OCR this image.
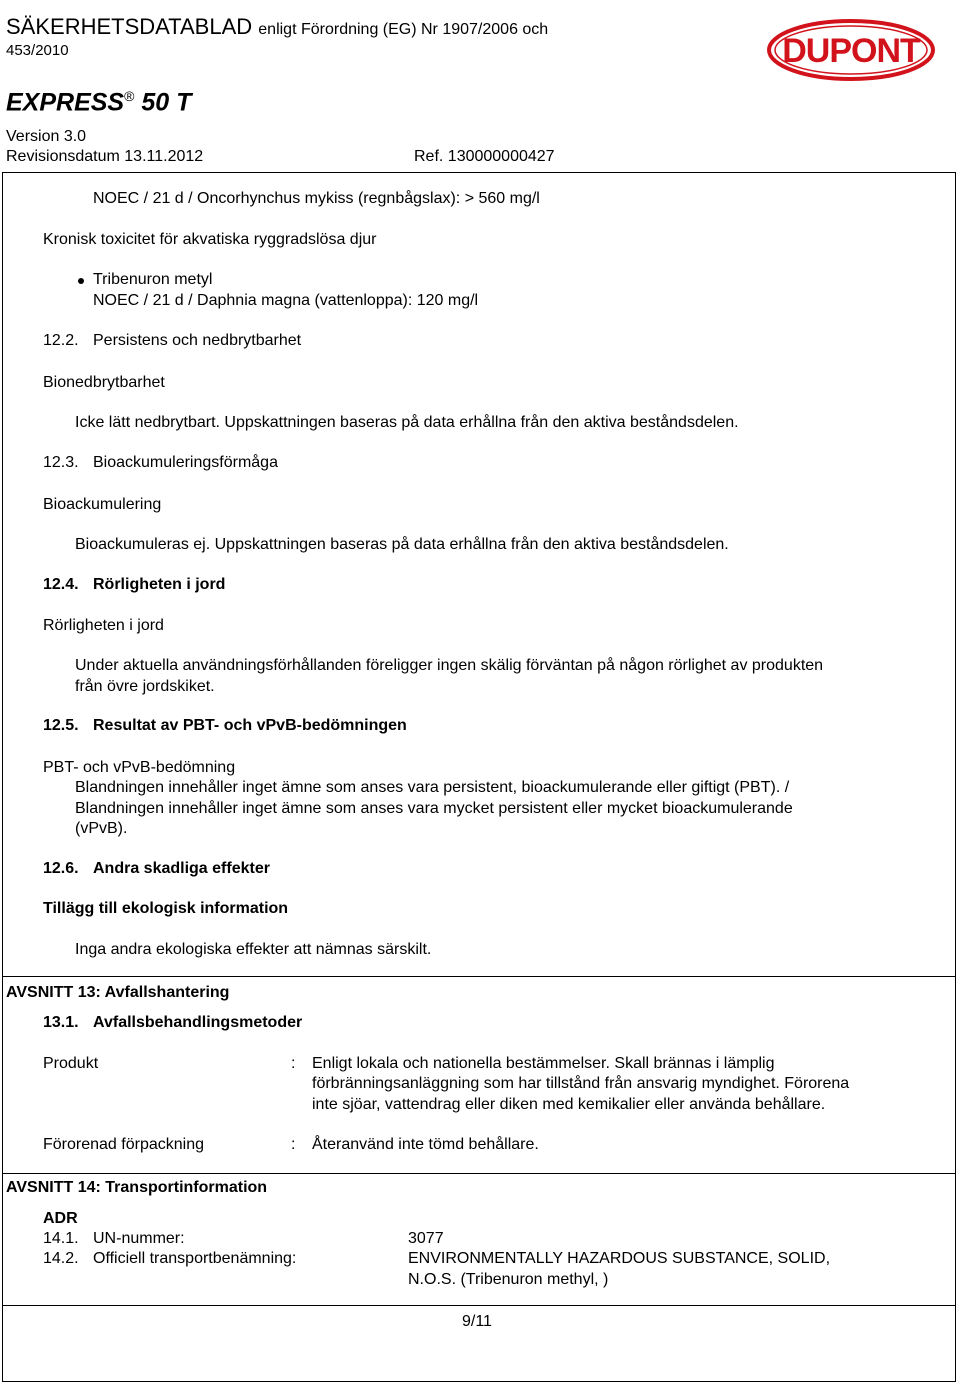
SÄKERHETSDATABLAD enligt Förordning (EG) Nr 1907/2006 och
453/2010
EXPRESS® 50 T
Version 3.0
Revisionsdatum 13.11.2012	Ref. 130000000427
DUPONT
NOEC / 21 d / Oncorhynchus mykiss (regnbågslax): > 560 mg/l
Kronisk toxicitet för akvatiska ryggradslösa djur
Tribenuron metyl
NOEC / 21 d / Daphnia magna (vattenloppa): 120 mg/l
12.2. Persistens och nedbrytbarhet
Bionedbrytbarhet
Icke lätt nedbrytbart. Uppskattningen baseras på data erhållna från den aktiva beståndsdelen.
12.3. Bioackumuleringsförmåga
Bioackumulering
Bioackumuleras ej. Uppskattningen baseras på data erhållna från den aktiva beståndsdelen.
12.4. Rörligheten i jord
Rörligheten i jord
Under aktuella användningsförhållanden föreligger ingen skälig förväntan på någon rörlighet av produkten
från övre jordskiket.
12.5. Resultat av PBT- och vPvB-bedömningen
PBT- och vPvB-bedömning
Blandningen innehåller inget ämne som anses vara persistent, bioackumulerande eller giftigt (PBT). /
Blandningen innehåller inget ämne som anses vara mycket persistent eller mycket bioackumulerande
(vPvB).
12.6. Andra skadliga effekter
Tillägg till ekologisk information
Inga andra ekologiska effekter att nämnas särskilt.
AVSNITT 13: Avfallshantering
13.1. Avfallsbehandlingsmetoder
Produkt	: Enligt lokala och nationella bestämmelser. Skall brännas i lämplig
förbränningsanläggning som har tillstånd från ansvarig myndighet. Förorena
inte sjöar, vattendrag eller diken med kemikalier eller använda behållare.
Förorenad förpackning	: Återanvänd inte tömd behållare.
AVSNITT 14: Transportinformation
ADR
14.1. UN-nummer:	3077
14.2. Officiell transportbenämning:	ENVIRONMENTALLY HAZARDOUS SUBSTANCE, SOLID,
N.O.S. (Tribenuron methyl, )
9/11
